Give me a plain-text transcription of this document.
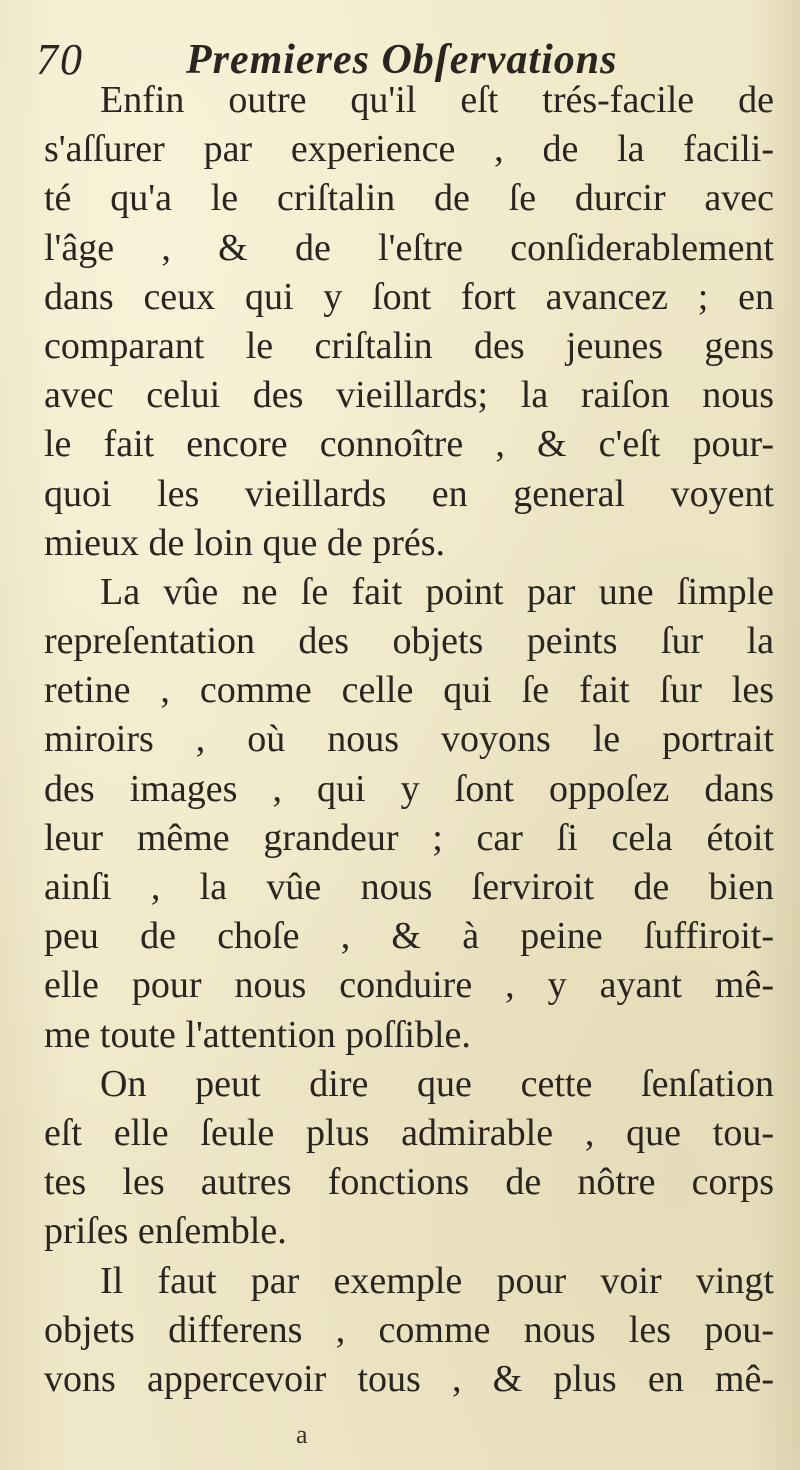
70 Premieres Obſervations
Enfin outre qu'il eſt trés-facile de
s'aſſurer par experience , de la facili-
té qu'a le criſtalin de ſe durcir avec
l'âge , & de l'eſtre conſiderablement
dans ceux qui y ſont fort avancez ; en
comparant le criſtalin des jeunes gens
avec celui des vieillards; la raiſon nous
le fait encore connoître , & c'eſt pour-
quoi les vieillards en general voyent
mieux de loin que de prés.
La vûe ne ſe fait point par une ſimple
repreſentation des objets peints ſur la
retine , comme celle qui ſe fait ſur les
miroirs , où nous voyons le portrait
des images , qui y ſont oppoſez dans
leur même grandeur ; car ſi cela étoit
ainſi , la vûe nous ſerviroit de bien
peu de choſe , & à peine ſuffiroit-
elle pour nous conduire , y ayant mê-
me toute l'attention poſſible.
On peut dire que cette ſenſation
eſt elle ſeule plus admirable , que tou-
tes les autres fonctions de nôtre corps
priſes enſemble.
Il faut par exemple pour voir vingt
objets differens , comme nous les pou-
vons appercevoir tous , & plus en mê-
a
